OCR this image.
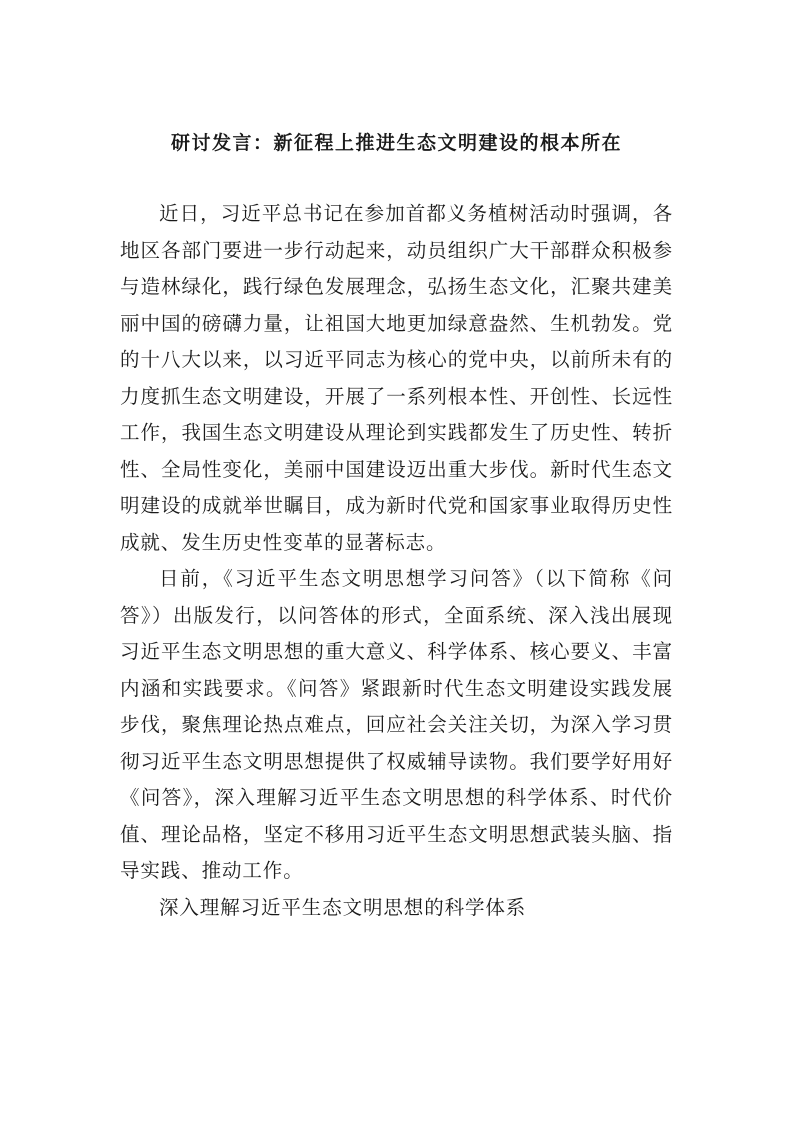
研讨发言：新征程上推进生态文明建设的根本所在

近日，习近平总书记在参加首都义务植树活动时强调，各地区各部门要进一步行动起来，动员组织广大干部群众积极参与造林绿化，践行绿色发展理念，弘扬生态文化，汇聚共建美丽中国的磅礴力量，让祖国大地更加绿意盎然、生机勃发。党的十八大以来，以习近平同志为核心的党中央，以前所未有的力度抓生态文明建设，开展了一系列根本性、开创性、长远性工作，我国生态文明建设从理论到实践都发生了历史性、转折性、全局性变化，美丽中国建设迈出重大步伐。新时代生态文明建设的成就举世瞩目，成为新时代党和国家事业取得历史性成就、发生历史性变革的显著标志。

日前，《习近平生态文明思想学习问答》（以下简称《问答》）出版发行，以问答体的形式，全面系统、深入浅出展现习近平生态文明思想的重大意义、科学体系、核心要义、丰富内涵和实践要求。《问答》紧跟新时代生态文明建设实践发展步伐，聚焦理论热点难点，回应社会关注关切，为深入学习贯彻习近平生态文明思想提供了权威辅导读物。我们要学好用好《问答》，深入理解习近平生态文明思想的科学体系、时代价值、理论品格，坚定不移用习近平生态文明思想武装头脑、指导实践、推动工作。

深入理解习近平生态文明思想的科学体系
